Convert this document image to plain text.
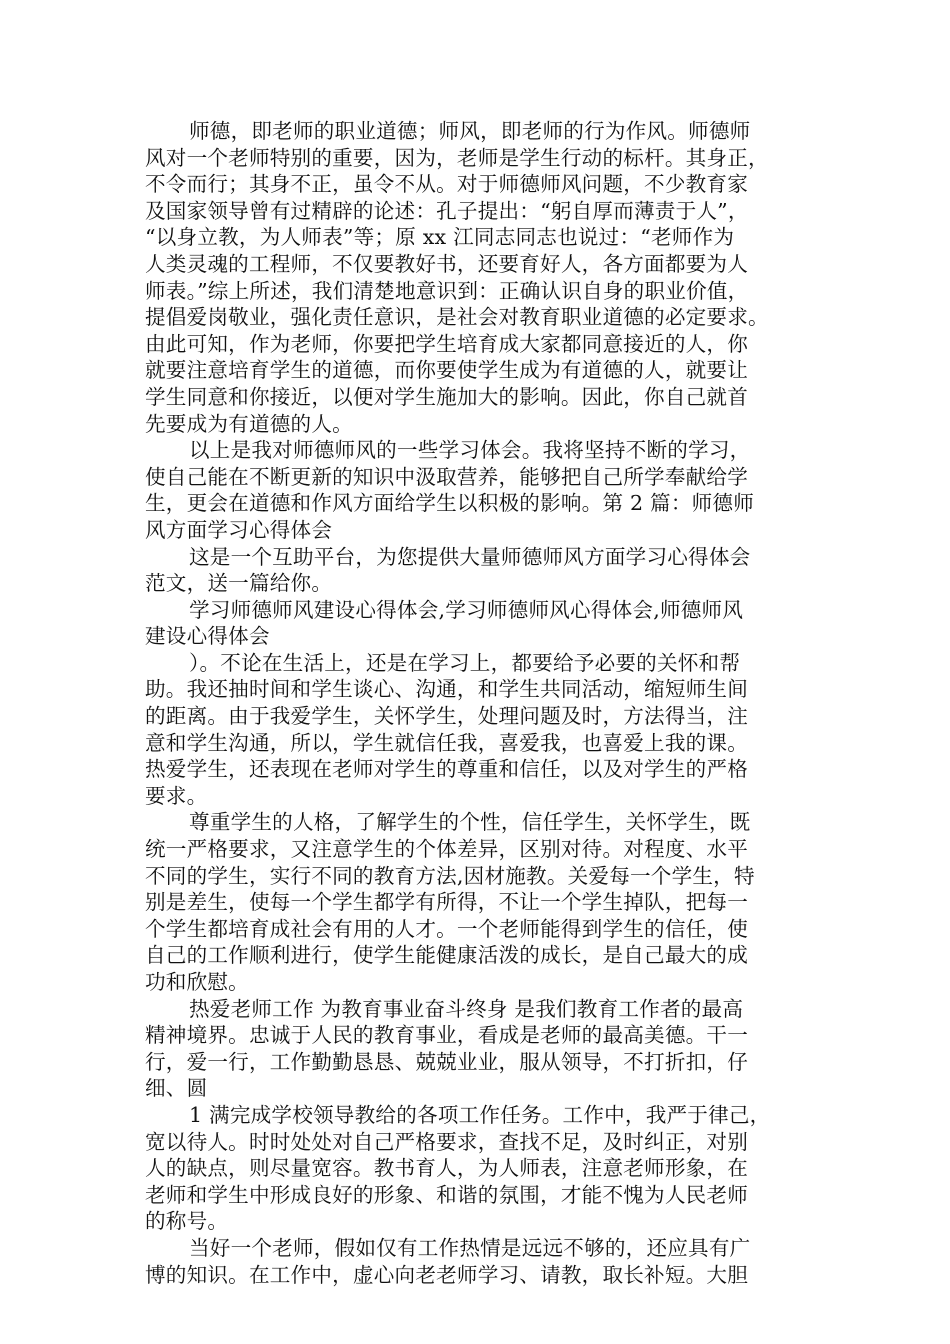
师德，即老师的职业道德；师风，即老师的行为作风。师德师
风对一个老师特别的重要，因为，老师是学生行动的标杆。其身正，
不令而行；其身不正，虽令不从。对于师德师风问题，不少教育家
及国家领导曾有过精辟的论述：孔子提出：“躬自厚而薄责于人”，
“以身立教，为人师表”等；原 xx 江同志同志也说过：“老师作为
人类灵魂的工程师，不仅要教好书，还要育好人，各方面都要为人
师表。”综上所述，我们清楚地意识到：正确认识自身的职业价值，
提倡爱岗敬业，强化责任意识，是社会对教育职业道德的必定要求。
由此可知，作为老师，你要把学生培育成大家都同意接近的人，你
就要注意培育学生的道德，而你要使学生成为有道德的人，就要让
学生同意和你接近，以便对学生施加大的影响。因此，你自己就首
先要成为有道德的人。
以上是我对师德师风的一些学习体会。我将坚持不断的学习，
使自己能在不断更新的知识中汲取营养，能够把自己所学奉献给学
生，更会在道德和作风方面给学生以积极的影响。第 2 篇：师德师
风方面学习心得体会
这是一个互助平台，为您提供大量师德师风方面学习心得体会
范文，送一篇给你。
学习师德师风建设心得体会,学习师德师风心得体会,师德师风
建设心得体会
）。不论在生活上，还是在学习上，都要给予必要的关怀和帮
助。我还抽时间和学生谈心、沟通，和学生共同活动，缩短师生间
的距离。由于我爱学生，关怀学生，处理问题及时，方法得当，注
意和学生沟通，所以，学生就信任我，喜爱我，也喜爱上我的课。
热爱学生，还表现在老师对学生的尊重和信任，以及对学生的严格
要求。
尊重学生的人格，了解学生的个性，信任学生，关怀学生，既
统一严格要求，又注意学生的个体差异，区别对待。对程度、水平
不同的学生，实行不同的教育方法,因材施教。关爱每一个学生，特
别是差生，使每一个学生都学有所得，不让一个学生掉队，把每一
个学生都培育成社会有用的人才。一个老师能得到学生的信任，使
自己的工作顺利进行，使学生能健康活泼的成长，是自己最大的成
功和欣慰。
热爱老师工作 为教育事业奋斗终身 是我们教育工作者的最高
精神境界。忠诚于人民的教育事业，看成是老师的最高美德。干一
行，爱一行，工作勤勤恳恳、兢兢业业，服从领导，不打折扣，仔
细、圆
1 满完成学校领导教给的各项工作任务。工作中，我严于律己，
宽以待人。时时处处对自己严格要求，查找不足，及时纠正，对别
人的缺点，则尽量宽容。教书育人，为人师表，注意老师形象，在
老师和学生中形成良好的形象、和谐的氛围，才能不愧为人民老师
的称号。
当好一个老师，假如仅有工作热情是远远不够的，还应具有广
博的知识。在工作中，虚心向老老师学习、请教，取长补短。大胆
